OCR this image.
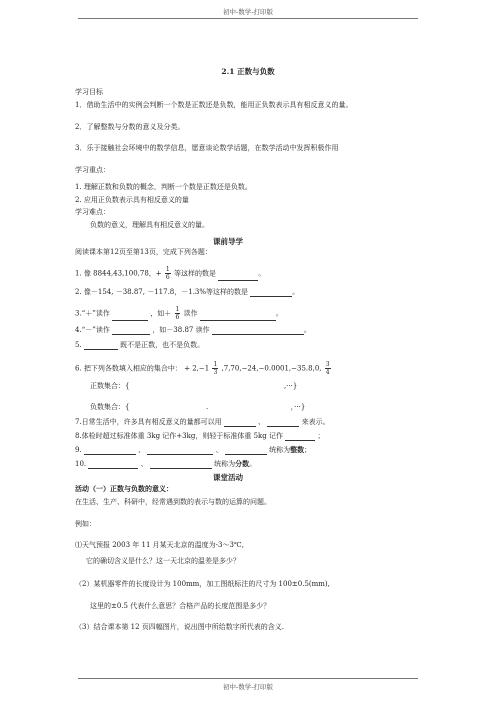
初中-数学-打印版
2.1 正数与负数
学习目标
1．借助生活中的实例会判断一个数是正数还是负数，能用正负数表示具有相反意义的量。
2．了解整数与分数的意义及分类。
3．乐于接触社会环境中的数学信息，愿意谈论数学话题，在数学活动中发挥积极作用
学习重点：
1. 理解正数和负数的概念，判断一个数是正数还是负数。
2. 应用正负数表示具有相反意义的量
学习难点：
负数的意义，理解具有相反意义的量。
课前导学
阅读课本第12页至第13页，完成下列各题：
1. 像 8844,43,100,78，+ $\frac{1}{6}$ 等这样的数是	。
2. 像－154, －38.87, －117.8，－1.3%等这样的数是	。
3.“＋”读作	，如＋ $\frac{1}{6}$ 读作	。
4.“－”读作	，如－38.87 读作	。
5.	既不是正数，也不是负数。
6. 把下列各数填入相应的集合中： + $2,-1 \frac{1}{3} ,7,70,-24,-0.0001,-35.8,0$, $\frac{3}{4}$
正数集合：{	,···}
负数集合：{	.	，···}
7.日常生活中，许多具有相反意义的量都可以用	、	来表示。
8.体检时超过标准体重 3kg 记作+3kg，则轻于标准体重 5kg 记作	；
9.	、	、	统称为整数；
10.	、	统称为分数。
课堂活动
活动（一）正数与负数的意义：
在生活、生产、科研中，经常遇到数的表示与数的运算的问题。
例如：
⑴天气预报 2003 年 11 月某天北京的温度为-3～3℃,
它的确切含义是什么？这一天北京的温差是多少？
（2）某机器零件的长度设计为 100mm，加工图纸标注的尺寸为 100±0.5(mm),
这里的±0.5 代表什么意思？合格产品的长度范围是多少？
（3）结合课本第 12 页四幅图片，说出图中所给数字所代表的含义.
初中-数学-打印版
